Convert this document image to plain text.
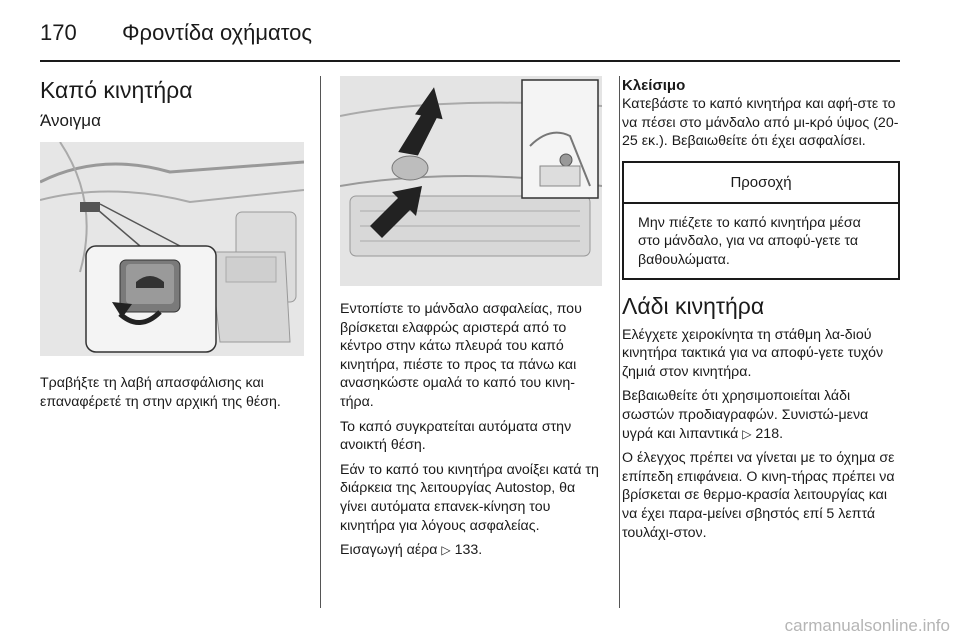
170 Φροντίδα οχήματος
Καπό κινητήρα
Άνοιγμα

Τραβήξτε τη λαβή απασφάλισης και επαναφέρετέ τη στην αρχική της θέση.

Εντοπίστε το μάνδαλο ασφαλείας, που βρίσκεται ελαφρώς αριστερά από το κέντρο στην κάτω πλευρά του καπό κινητήρα, πιέστε το προς τα πάνω και ανασηκώστε ομαλά το καπό του κινη-τήρα.

Το καπό συγκρατείται αυτόματα στην ανοικτή θέση.

Εάν το καπό του κινητήρα ανοίξει κατά τη διάρκεια της λειτουργίας Autostop, θα γίνει αυτόματα επανεκ-κίνηση του κινητήρα για λόγους ασφαλείας.

Εισαγωγή αέρα ▷ 133.

Κλείσιμο

Κατεβάστε το καπό κινητήρα και αφή-στε το να πέσει στο μάνδαλο από μι-κρό ύψος (20-25 εκ.). Βεβαιωθείτε ότι έχει ασφαλίσει.

Προσοχή

Μην πιέζετε το καπό κινητήρα μέσα στο μάνδαλο, για να αποφύ-γετε τα βαθουλώματα.

Λάδι κινητήρα

Ελέγχετε χειροκίνητα τη στάθμη λα-διού κινητήρα τακτικά για να αποφύ-γετε τυχόν ζημιά στον κινητήρα.

Βεβαιωθείτε ότι χρησιμοποιείται λάδι σωστών προδιαγραφών. Συνιστώ-μενα υγρά και λιπαντικά ▷ 218.

Ο έλεγχος πρέπει να γίνεται με το όχημα σε επίπεδη επιφάνεια. Ο κινη-τήρας πρέπει να βρίσκεται σε θερμο-κρασία λειτουργίας και να έχει παρα-μείνει σβηστός επί 5 λεπτά τουλάχι-στον.

carmanualsonline.info
